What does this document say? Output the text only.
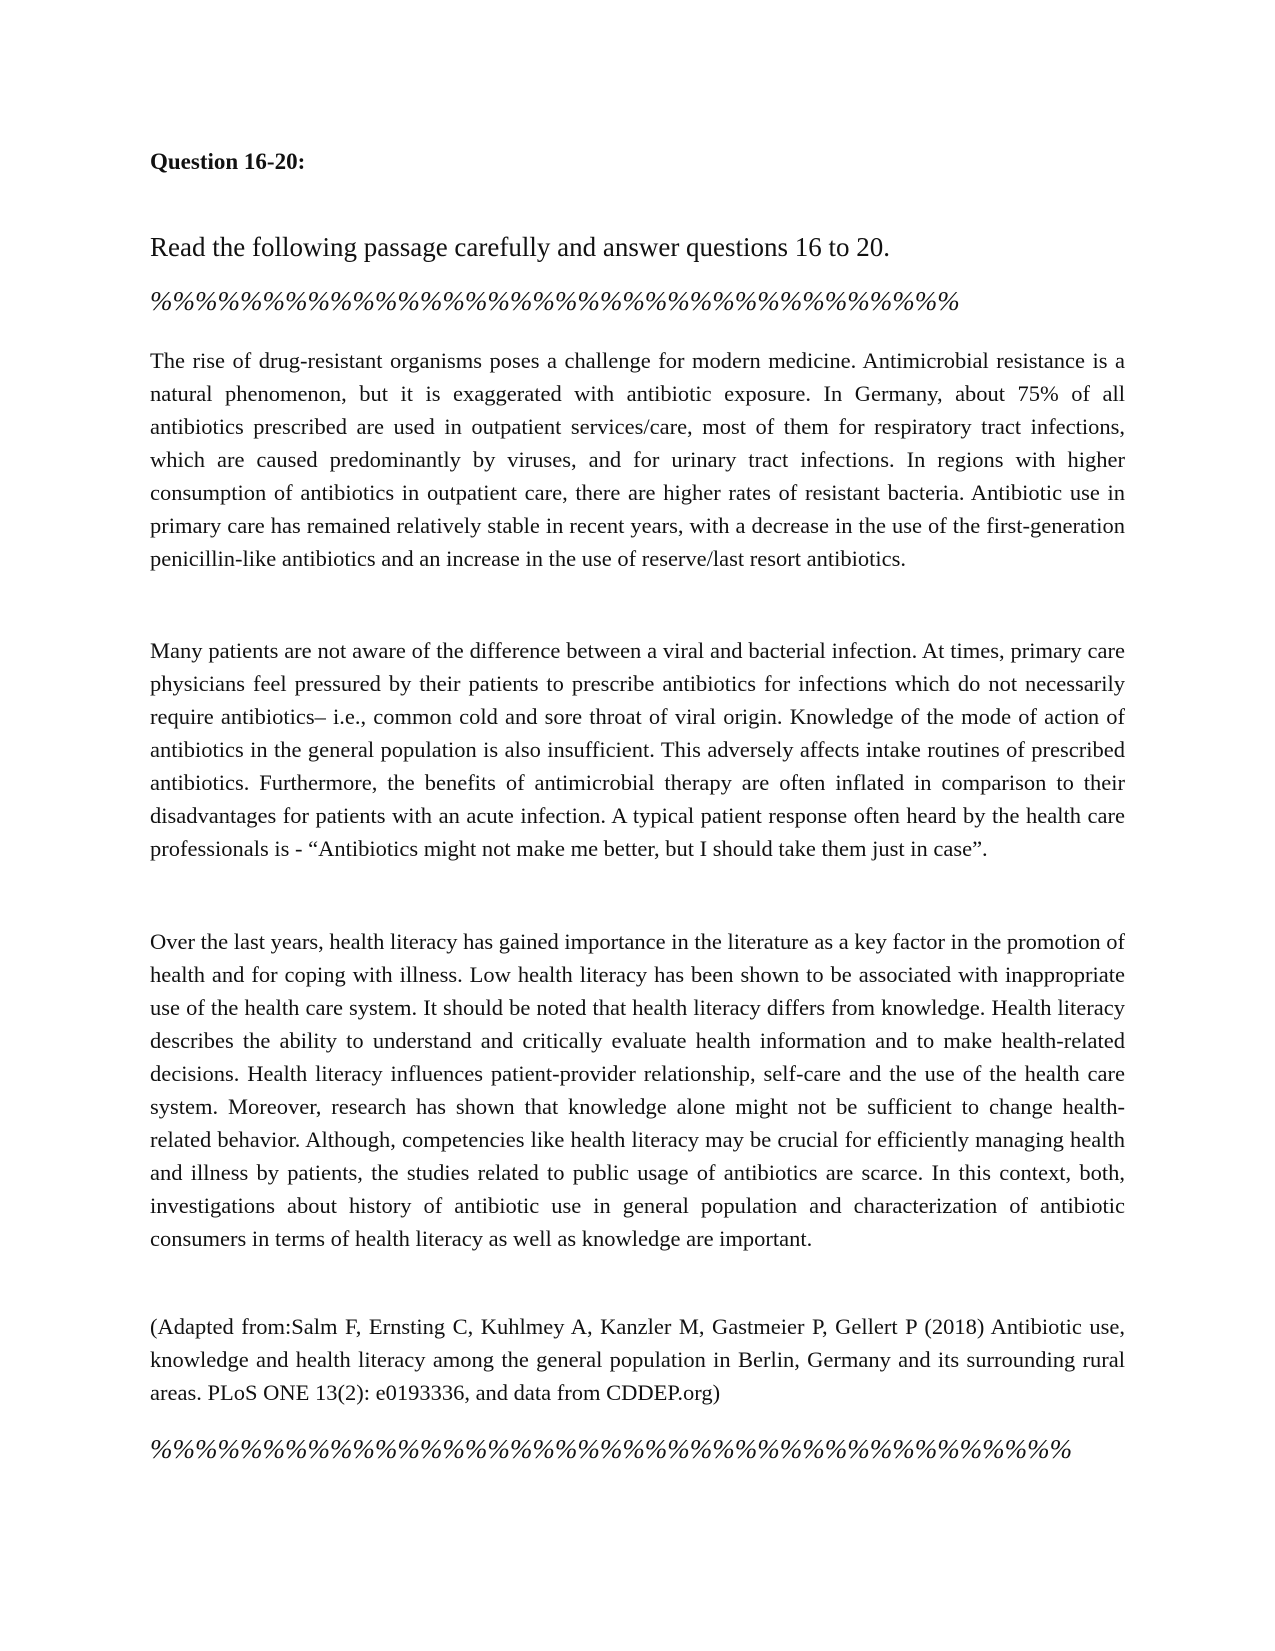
Question 16-20:

Read the following passage carefully and answer questions 16 to 20.

%%%%%%%%%%%%%%%%%%%%%%%%%%%%%%%%%%%%

The rise of drug-resistant organisms poses a challenge for modern medicine. Antimicrobial resistance is a natural phenomenon, but it is exaggerated with antibiotic exposure. In Germany, about 75% of all antibiotics prescribed are used in outpatient services/care, most of them for respiratory tract infections, which are caused predominantly by viruses, and for urinary tract infections. In regions with higher consumption of antibiotics in outpatient care, there are higher rates of resistant bacteria. Antibiotic use in primary care has remained relatively stable in recent years, with a decrease in the use of the first-generation penicillin-like antibiotics and an increase in the use of reserve/last resort antibiotics.

Many patients are not aware of the difference between a viral and bacterial infection. At times, primary care physicians feel pressured by their patients to prescribe antibiotics for infections which do not necessarily require antibiotics– i.e., common cold and sore throat of viral origin. Knowledge of the mode of action of antibiotics in the general population is also insufficient. This adversely affects intake routines of prescribed antibiotics. Furthermore, the benefits of antimicrobial therapy are often inflated in comparison to their disadvantages for patients with an acute infection. A typical patient response often heard by the health care professionals is - “Antibiotics might not make me better, but I should take them just in case”.

Over the last years, health literacy has gained importance in the literature as a key factor in the promotion of health and for coping with illness. Low health literacy has been shown to be associated with inappropriate use of the health care system. It should be noted that health literacy differs from knowledge. Health literacy describes the ability to understand and critically evaluate health information and to make health-related decisions. Health literacy influences patient-provider relationship, self-care and the use of the health care system. Moreover, research has shown that knowledge alone might not be sufficient to change health-related behavior. Although, competencies like health literacy may be crucial for efficiently managing health and illness by patients, the studies related to public usage of antibiotics are scarce. In this context, both, investigations about history of antibiotic use in general population and characterization of antibiotic consumers in terms of health literacy as well as knowledge are important.

(Adapted from:Salm F, Ernsting C, Kuhlmey A, Kanzler M, Gastmeier P, Gellert P (2018) Antibiotic use, knowledge and health literacy among the general population in Berlin, Germany and its surrounding rural areas. PLoS ONE 13(2): e0193336, and data from CDDEP.org)

%%%%%%%%%%%%%%%%%%%%%%%%%%%%%%%%%%%%%%%%%
